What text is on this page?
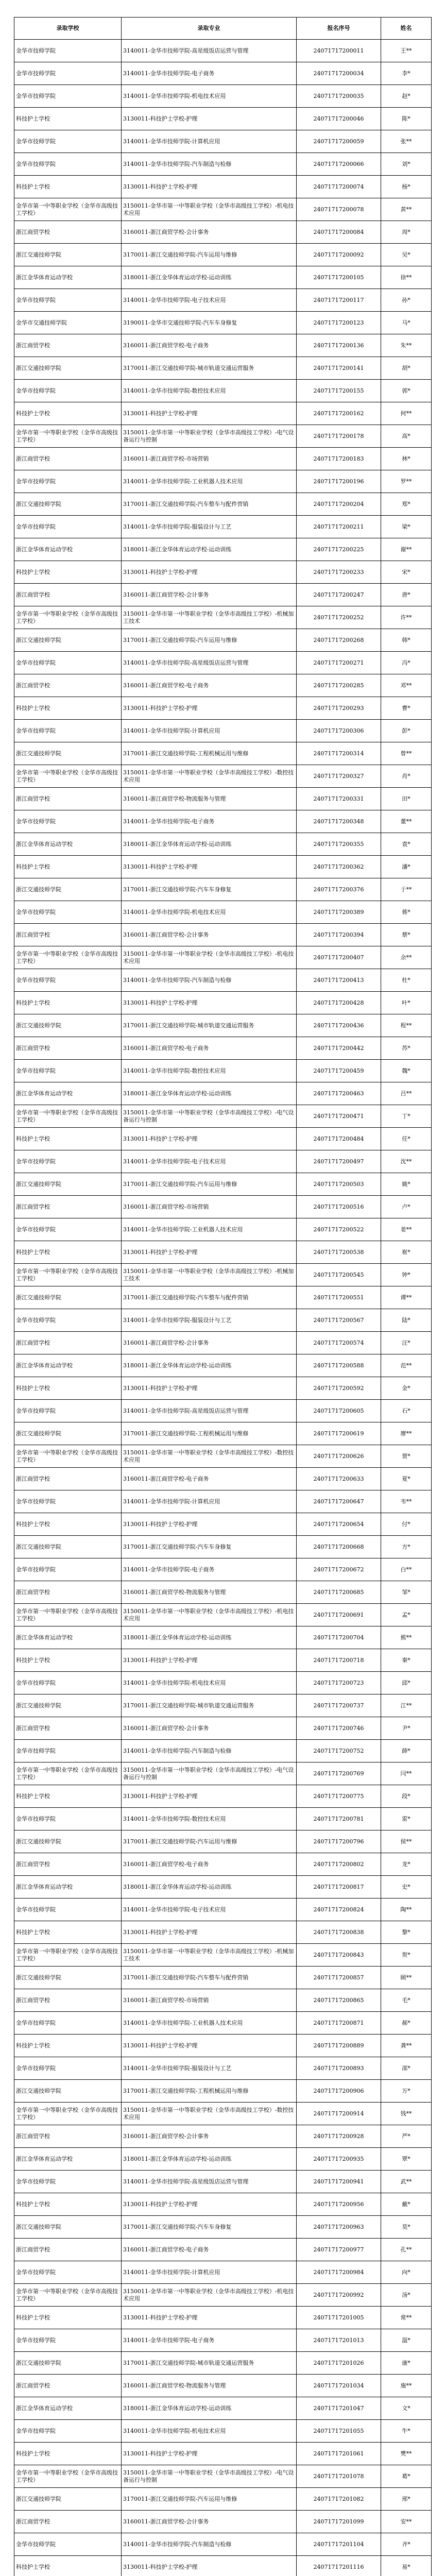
录取学校	录取专业	报名序号	姓名
金华市技师学院	3140011-金华市技师学院-高星级饭店运营与管理	24071717200011	王**
金华市技师学院	3140011-金华市技师学院-电子商务	24071717200034	李*
金华市技师学院	3140011-金华市技师学院-机电技术应用	24071717200035	赵*
科技护士学校	3130011-科技护士学校-护理	24071717200046	陈*
金华市技师学院	3140011-金华市技师学院-计算机应用	24071717200059	张**
金华市技师学院	3140011-金华市技师学院-汽车制造与检修	24071717200066	刘*
科技护士学校	3130011-科技护士学校-护理	24071717200074	杨*
金华市第一中等职业学校（金华市高级技工学校）	3150011-金华市第一中等职业学校（金华市高级技工学校）-机电技术应用	24071717200078	黄**
浙江商贸学校	3160011-浙江商贸学校-会计事务	24071717200084	周*
浙江交通技师学院	3170011-浙江交通技师学院-汽车运用与维修	24071717200092	吴*
浙江金华体育运动学校	3180011-浙江金华体育运动学校-运动训练	24071717200105	徐**
金华市技师学院	3140011-金华市技师学院-电子技术应用	24071717200117	孙*
金华市交通技师学院	3190011-金华市交通技师学院-汽车车身修复	24071717200123	马*
浙江商贸学校	3160011-浙江商贸学校-电子商务	24071717200136	朱**
浙江交通技师学院	3170011-浙江交通技师学院-城市轨道交通运营服务	24071717200141	胡*
金华市技师学院	3140011-金华市技师学院-数控技术应用	24071717200155	郭*
科技护士学校	3130011-科技护士学校-护理	24071717200162	何**
金华市第一中等职业学校（金华市高级技工学校）	3150011-金华市第一中等职业学校（金华市高级技工学校）-电气设备运行与控制	24071717200178	高*
浙江商贸学校	3160011-浙江商贸学校-市场营销	24071717200183	林*
金华市技师学院	3140011-金华市技师学院-工业机器人技术应用	24071717200196	罗**
浙江交通技师学院	3170011-浙江交通技师学院-汽车整车与配件营销	24071717200204	郑*
金华市技师学院	3140011-金华市技师学院-服装设计与工艺	24071717200211	梁*
浙江金华体育运动学校	3180011-浙江金华体育运动学校-运动训练	24071717200225	谢**
科技护士学校	3130011-科技护士学校-护理	24071717200233	宋*
浙江商贸学校	3160011-浙江商贸学校-会计事务	24071717200247	唐*
金华市第一中等职业学校（金华市高级技工学校）	3150011-金华市第一中等职业学校（金华市高级技工学校）-机械加工技术	24071717200252	许**
浙江交通技师学院	3170011-浙江交通技师学院-汽车运用与维修	24071717200268	韩*
金华市技师学院	3140011-金华市技师学院-高星级饭店运营与管理	24071717200271	冯*
浙江商贸学校	3160011-浙江商贸学校-电子商务	24071717200285	邓**
科技护士学校	3130011-科技护士学校-护理	24071717200293	曹*
金华市技师学院	3140011-金华市技师学院-计算机应用	24071717200306	彭*
浙江交通技师学院	3170011-浙江交通技师学院-工程机械运用与维修	24071717200314	曾**
金华市第一中等职业学校（金华市高级技工学校）	3150011-金华市第一中等职业学校（金华市高级技工学校）-数控技术应用	24071717200327	肖*
浙江商贸学校	3160011-浙江商贸学校-物流服务与管理	24071717200331	田*
金华市技师学院	3140011-金华市技师学院-电子商务	24071717200348	董**
浙江金华体育运动学校	3180011-浙江金华体育运动学校-运动训练	24071717200355	袁*
科技护士学校	3130011-科技护士学校-护理	24071717200362	潘*
浙江交通技师学院	3170011-浙江交通技师学院-汽车车身修复	24071717200376	于**
金华市技师学院	3140011-金华市技师学院-机电技术应用	24071717200389	蒋*
浙江商贸学校	3160011-浙江商贸学校-会计事务	24071717200394	蔡*
金华市第一中等职业学校（金华市高级技工学校）	3150011-金华市第一中等职业学校（金华市高级技工学校）-机电技术应用	24071717200407	余**
金华市技师学院	3140011-金华市技师学院-汽车制造与检修	24071717200413	杜*
科技护士学校	3130011-科技护士学校-护理	24071717200428	叶*
浙江交通技师学院	3170011-浙江交通技师学院-城市轨道交通运营服务	24071717200436	程**
浙江商贸学校	3160011-浙江商贸学校-电子商务	24071717200442	苏*
金华市技师学院	3140011-金华市技师学院-数控技术应用	24071717200459	魏*
浙江金华体育运动学校	3180011-浙江金华体育运动学校-运动训练	24071717200463	吕**
金华市第一中等职业学校（金华市高级技工学校）	3150011-金华市第一中等职业学校（金华市高级技工学校）-电气设备运行与控制	24071717200471	丁*
科技护士学校	3130011-科技护士学校-护理	24071717200484	任*
金华市技师学院	3140011-金华市技师学院-电子技术应用	24071717200497	沈**
浙江交通技师学院	3170011-浙江交通技师学院-汽车运用与维修	24071717200503	姚*
浙江商贸学校	3160011-浙江商贸学校-市场营销	24071717200516	卢*
金华市技师学院	3140011-金华市技师学院-工业机器人技术应用	24071717200522	姜**
科技护士学校	3130011-科技护士学校-护理	24071717200538	崔*
金华市第一中等职业学校（金华市高级技工学校）	3150011-金华市第一中等职业学校（金华市高级技工学校）-机械加工技术	24071717200545	钟*
浙江交通技师学院	3170011-浙江交通技师学院-汽车整车与配件营销	24071717200551	谭**
金华市技师学院	3140011-金华市技师学院-服装设计与工艺	24071717200567	陆*
浙江商贸学校	3160011-浙江商贸学校-会计事务	24071717200574	汪*
浙江金华体育运动学校	3180011-浙江金华体育运动学校-运动训练	24071717200588	范**
科技护士学校	3130011-科技护士学校-护理	24071717200592	金*
金华市技师学院	3140011-金华市技师学院-高星级饭店运营与管理	24071717200605	石*
浙江交通技师学院	3170011-浙江交通技师学院-工程机械运用与维修	24071717200619	廖**
金华市第一中等职业学校（金华市高级技工学校）	3150011-金华市第一中等职业学校（金华市高级技工学校）-数控技术应用	24071717200626	贾*
浙江商贸学校	3160011-浙江商贸学校-电子商务	24071717200633	夏*
金华市技师学院	3140011-金华市技师学院-计算机应用	24071717200647	韦**
科技护士学校	3130011-科技护士学校-护理	24071717200654	付*
浙江交通技师学院	3170011-浙江交通技师学院-汽车车身修复	24071717200668	方*
金华市技师学院	3140011-金华市技师学院-电子商务	24071717200672	白**
浙江商贸学校	3160011-浙江商贸学校-物流服务与管理	24071717200685	邹*
金华市第一中等职业学校（金华市高级技工学校）	3150011-金华市第一中等职业学校（金华市高级技工学校）-机电技术应用	24071717200691	孟*
浙江金华体育运动学校	3180011-浙江金华体育运动学校-运动训练	24071717200704	熊**
科技护士学校	3130011-科技护士学校-护理	24071717200718	秦*
金华市技师学院	3140011-金华市技师学院-机电技术应用	24071717200723	邱*
浙江交通技师学院	3170011-浙江交通技师学院-城市轨道交通运营服务	24071717200737	江**
浙江商贸学校	3160011-浙江商贸学校-会计事务	24071717200746	尹*
金华市技师学院	3140011-金华市技师学院-汽车制造与检修	24071717200752	薛*
金华市第一中等职业学校（金华市高级技工学校）	3150011-金华市第一中等职业学校（金华市高级技工学校）-电气设备运行与控制	24071717200769	闫**
科技护士学校	3130011-科技护士学校-护理	24071717200775	段*
金华市技师学院	3140011-金华市技师学院-数控技术应用	24071717200781	雷*
浙江交通技师学院	3170011-浙江交通技师学院-汽车运用与维修	24071717200796	侯**
浙江商贸学校	3160011-浙江商贸学校-电子商务	24071717200802	龙*
浙江金华体育运动学校	3180011-浙江金华体育运动学校-运动训练	24071717200817	史*
金华市技师学院	3140011-金华市技师学院-电子技术应用	24071717200824	陶**
科技护士学校	3130011-科技护士学校-护理	24071717200838	黎*
金华市第一中等职业学校（金华市高级技工学校）	3150011-金华市第一中等职业学校（金华市高级技工学校）-机械加工技术	24071717200843	贺*
浙江交通技师学院	3170011-浙江交通技师学院-汽车整车与配件营销	24071717200857	顾**
浙江商贸学校	3160011-浙江商贸学校-市场营销	24071717200865	毛*
金华市技师学院	3140011-金华市技师学院-工业机器人技术应用	24071717200871	郝*
科技护士学校	3130011-科技护士学校-护理	24071717200889	龚**
金华市技师学院	3140011-金华市技师学院-服装设计与工艺	24071717200893	邵*
浙江交通技师学院	3170011-浙江交通技师学院-工程机械运用与维修	24071717200906	万*
金华市第一中等职业学校（金华市高级技工学校）	3150011-金华市第一中等职业学校（金华市高级技工学校）-数控技术应用	24071717200914	钱**
浙江商贸学校	3160011-浙江商贸学校-会计事务	24071717200928	严*
浙江金华体育运动学校	3180011-浙江金华体育运动学校-运动训练	24071717200935	覃*
金华市技师学院	3140011-金华市技师学院-高星级饭店运营与管理	24071717200941	武**
科技护士学校	3130011-科技护士学校-护理	24071717200956	戴*
浙江交通技师学院	3170011-浙江交通技师学院-汽车车身修复	24071717200963	莫*
浙江商贸学校	3160011-浙江商贸学校-电子商务	24071717200977	孔**
金华市技师学院	3140011-金华市技师学院-计算机应用	24071717200984	向*
金华市第一中等职业学校（金华市高级技工学校）	3150011-金华市第一中等职业学校（金华市高级技工学校）-机电技术应用	24071717200992	汤*
科技护士学校	3130011-科技护士学校-护理	24071717201005	常**
金华市技师学院	3140011-金华市技师学院-电子商务	24071717201013	温*
浙江交通技师学院	3170011-浙江交通技师学院-城市轨道交通运营服务	24071717201026	康*
浙江商贸学校	3160011-浙江商贸学校-物流服务与管理	24071717201034	施**
浙江金华体育运动学校	3180011-浙江金华体育运动学校-运动训练	24071717201047	文*
金华市技师学院	3140011-金华市技师学院-机电技术应用	24071717201055	牛*
科技护士学校	3130011-科技护士学校-护理	24071717201061	樊**
金华市第一中等职业学校（金华市高级技工学校）	3150011-金华市第一中等职业学校（金华市高级技工学校）-电气设备运行与控制	24071717201078	葛*
浙江交通技师学院	3170011-浙江交通技师学院-汽车运用与维修	24071717201082	邢*
浙江商贸学校	3160011-浙江商贸学校-会计事务	24071717201099	安**
金华市技师学院	3140011-金华市技师学院-汽车制造与检修	24071717201104	齐*
科技护士学校	3130011-科技护士学校-护理	24071717201116	易*
